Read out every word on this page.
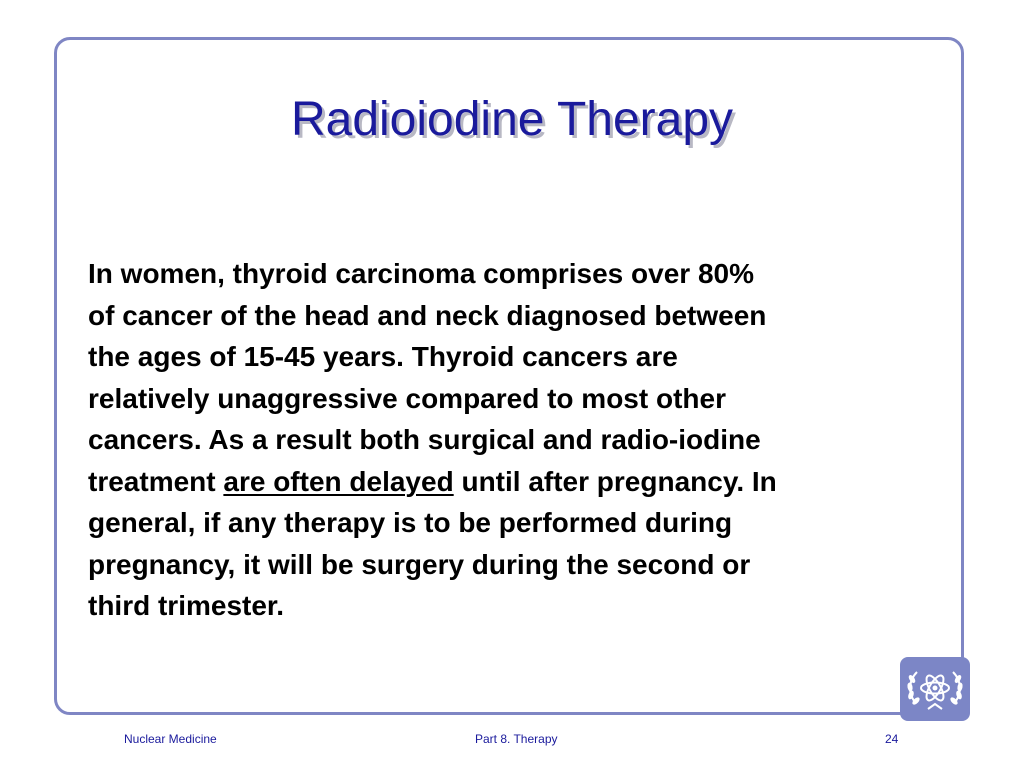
Radioiodine Therapy

In women, thyroid carcinoma comprises over 80%
of cancer of the head and neck diagnosed between
the ages of 15-45 years. Thyroid cancers are
relatively unaggressive compared to most other
cancers. As a result both surgical and radio-iodine
treatment are often delayed until after pregnancy. In
general, if any therapy is to be performed during
pregnancy, it will be surgery during the second or
third trimester.

Nuclear Medicine	Part 8. Therapy	24
